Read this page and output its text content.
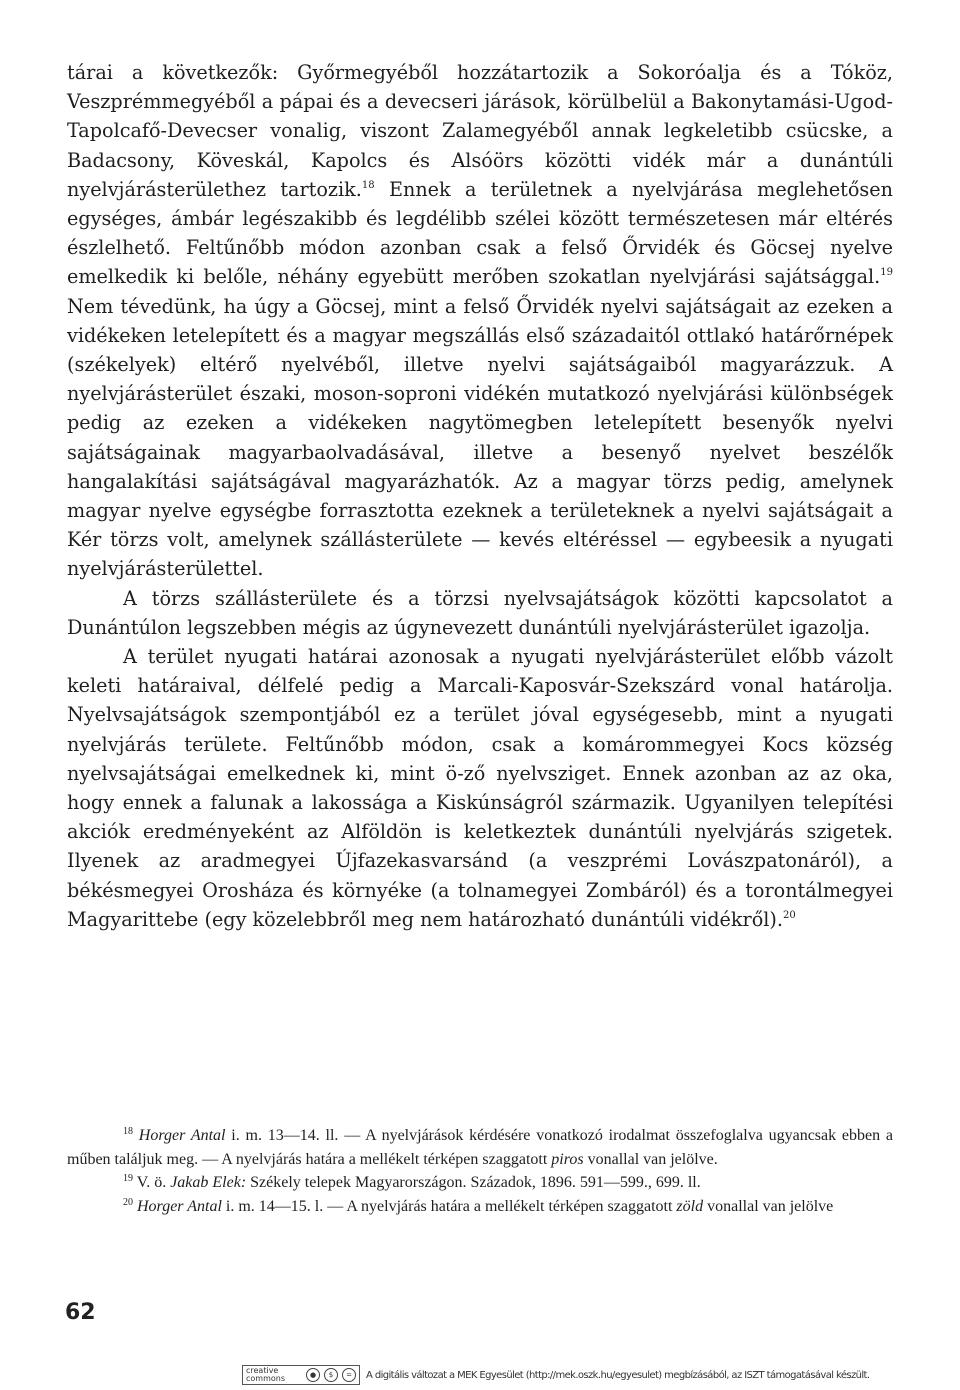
tárai a következők: Győrmegyéből hozzátartozik a Sokoróalja és a Tóköz, Veszprémmegyéből a pápai és a devecseri járások, körülbelül a Bakonytamási-Ugod-Tapolcafő-Devecser vonalig, viszont Zalamegyéből annak legkeletibb csücske, a Badacsony, Köveskál, Kapolcs és Alsóörs közötti vidék már a dunántúli nyelvjárásterülethez tartozik.$^{18}$ Ennek a területnek a nyelvjárása meglehetősen egységes, ámbár legészakibb és legdélibb szélei között természetesen már eltérés észlelhető. Feltűnőbb módon azonban csak a felső Őrvidék és Göcsej nyelve emelkedik ki belőle, néhány egyebütt merőben szokatlan nyelvjárási sajátsággal.$^{19}$ Nem tévedünk, ha úgy a Göcsej, mint a felső Őrvidék nyelvi sajátságait az ezeken a vidékeken letelepített és a magyar megszállás első századaitól ottlakó határőrnépek (székelyek) eltérő nyelvéből, illetve nyelvi sajátságaiból magyarázzuk. A nyelvjárásterület északi, moson-soproni vidékén mutatkozó nyelvjárási különbségek pedig az ezeken a vidékeken nagytömegben letelepített besenyők nyelvi sajátságainak magyarbaolvadásával, illetve a besenyő nyelvet beszélők hangalakítási sajátságával magyarázhatók. Az a magyar törzs pedig, amelynek magyar nyelve egységbe forrasztotta ezeknek a területeknek a nyelvi sajátságait a Kér törzs volt, amelynek szállásterülete — kevés eltéréssel — egybeesik a nyugati nyelvjárásterülettel.

A törzs szállásterülete és a törzsi nyelvsajátságok közötti kapcsolatot a Dunántúlon legszebben mégis az úgynevezett dunántúli nyelvjárásterület igazolja.

A terület nyugati határai azonosak a nyugati nyelvjárásterület előbb vázolt keleti határaival, délfelé pedig a Marcali-Kaposvár-Szekszárd vonal határolja. Nyelvsajátságok szempontjából ez a terület jóval egységesebb, mint a nyugati nyelvjárás területe. Feltűnőbb módon, csak a komárommegyei Kocs község nyelvsajátságai emelkednek ki, mint ö-ző nyelvsziget. Ennek azonban az az oka, hogy ennek a falunak a lakossága a Kiskúnságról származik. Ugyanilyen telepítési akciók eredményeként az Alföldön is keletkeztek dunántúli nyelvjárás szigetek. Ilyenek az aradmegyei Újfazekasvarsánd (a veszprémi Lovászpatonáról), a békésmegyei Orosháza és környéke (a tolnamegyei Zombáról) és a torontálmegyei Magyarittebe (egy közelebbről meg nem határozható dunántúli vidékről).$^{20}$

$^{18}$ Horger Antal i. m. 13—14. ll. — A nyelvjárások kérdésére vonatkozó irodalmat összefoglalva ugyancsak ebben a műben találjuk meg. — A nyelvjárás határa a mellékelt térképen szaggatott piros vonallal van jelölve.

$^{19}$ V. ö. Jakab Elek: Székely telepek Magyarországon. Századok, 1896. 591—599., 699. ll.

$^{20}$ Horger Antal i. m. 14—15. l. — A nyelvjárás határa a mellékelt térképen szaggatott zöld vonallal van jelölve

62
creative commons	●	$	=	A digitális változat a MEK Egyesület (http://mek.oszk.hu/egyesulet) megbízásából, az ISZT támogatásával készült.
